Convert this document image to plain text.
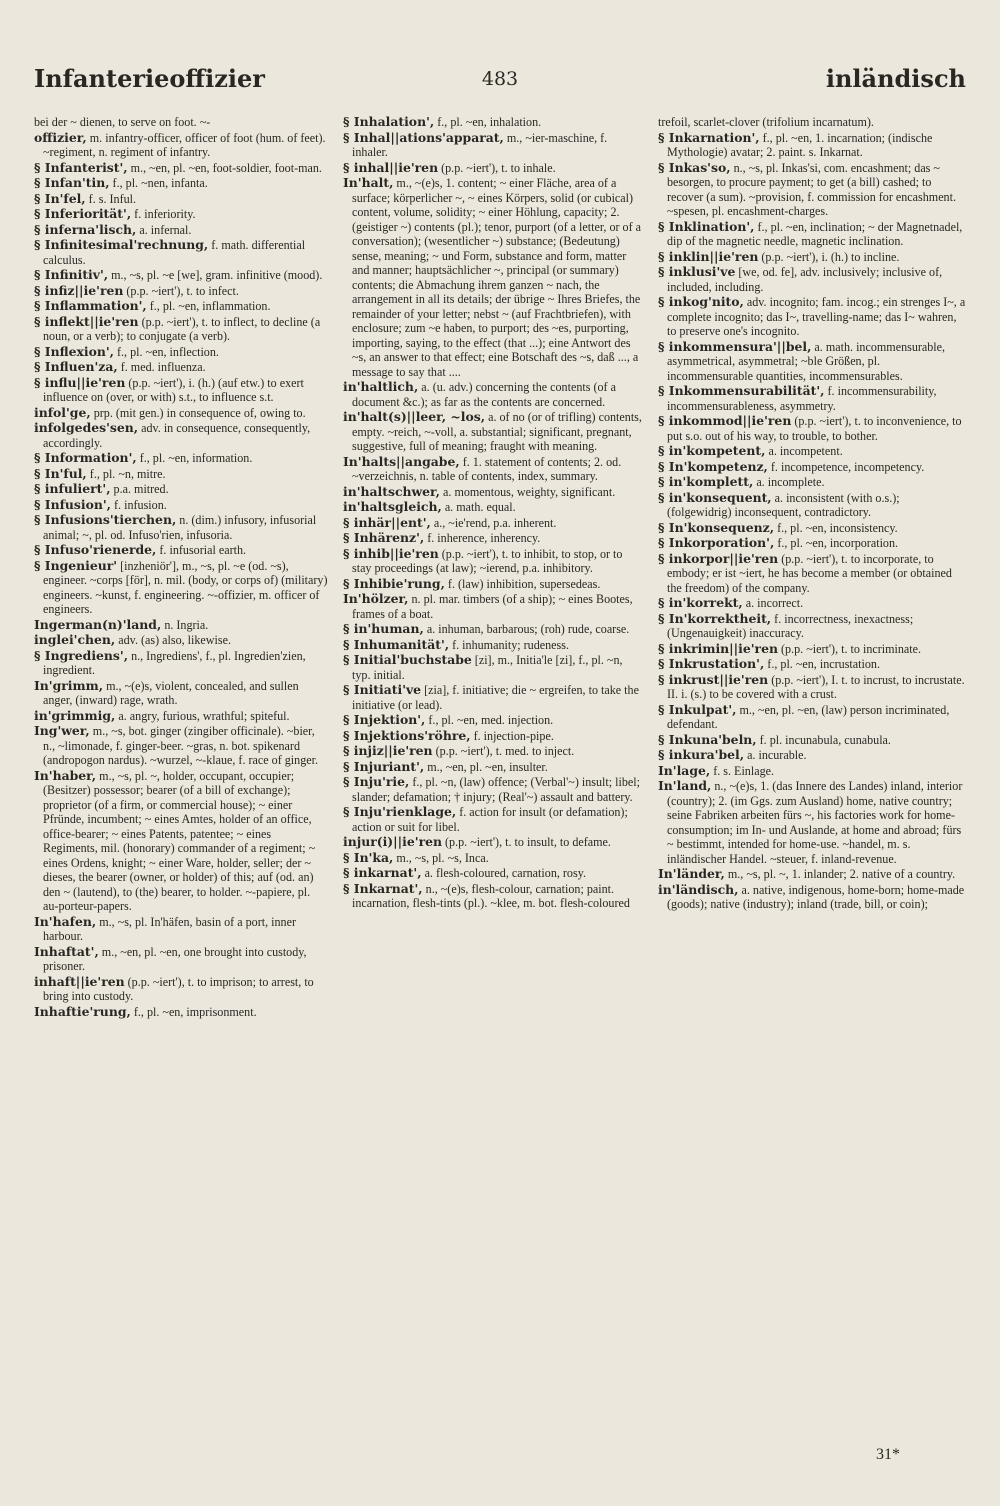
Infanterieoffizier	483	inländisch
bei der ~ dienen, to serve on foot. ~-
offizier, m. infantry-officer, officer of foot (hum. of feet). ~regiment, n. regiment of infantry.
§ Infanterist', m., ~en, pl. ~en, foot-soldier, foot-man.
§ Infan'tin, f., pl. ~nen, infanta.
§ In'fel, f. s. Inful.
§ Inferiorität', f. inferiority.
§ inferna'lisch, a. infernal.
§ Infinitesimal'rechnung, f. math. differential calculus.
§ Infinitiv', m., ~s, pl. ~e [we], gram. infinitive (mood).
§ infiz||ie'ren (p.p. ~iert'), t. to infect.
§ Inflammation', f., pl. ~en, inflammation.
§ inflekt||ie'ren (p.p. ~iert'), t. to inflect, to decline (a noun, or a verb); to conjugate (a verb).
§ Inflexion', f., pl. ~en, inflection.
§ Influen'za, f. med. influenza.
§ influ||ie'ren (p.p. ~iert'), i. (h.) (auf etw.) to exert influence on (over, or with) s.t., to influence s.t.
infol'ge, prp. (mit gen.) in consequence of, owing to.
infolgedes'sen, adv. in consequence, consequently, accordingly.
§ Information', f., pl. ~en, information.
§ In'ful, f., pl. ~n, mitre.
§ infuliert', p.a. mitred.
§ Infusion', f. infusion.
§ Infusions'tierchen, n. (dim.) infusory, infusorial animal; ~, pl. od. Infuso'rien, infusoria.
§ Infuso'rienerde, f. infusorial earth.
§ Ingenieur' [inzheniör'], m., ~s, pl. ~e (od. ~s), engineer. ~corps [för], n. mil. (body, or corps of) (military) engineers. ~kunst, f. engineering. ~-offizier, m. officer of engineers.
Ingerman(n)'land, n. Ingria.
inglei'chen, adv. (as) also, likewise.
§ Ingrediens', n., Ingrediens', f., pl. Ingredien'zien, ingredient.
In'grimm, m., ~(e)s, violent, concealed, and sullen anger, (inward) rage, wrath.
in'grimmig, a. angry, furious, wrathful; spiteful.
Ing'wer, m., ~s, bot. ginger (zingiber officinale). ~bier, n., ~limonade, f. ginger-beer. ~gras, n. bot. spikenard (andropogon nardus). ~wurzel, ~-klaue, f. race of ginger.
In'haber, m., ~s, pl. ~, holder, occupant, occupier; (Besitzer) possessor; bearer (of a bill of exchange); proprietor (of a firm, or commercial house); ~ einer Pfründe, incumbent; ~ eines Amtes, holder of an office, office-bearer; ~ eines Patents, patentee; ~ eines Regiments, mil. (honorary) commander of a regiment; ~ eines Ordens, knight; ~ einer Ware, holder, seller; der ~ dieses, the bearer (owner, or holder) of this; auf (od. an) den ~ (lautend), to (the) bearer, to holder. ~-papiere, pl. au-porteur-papers.
In'hafen, m., ~s, pl. In'häfen, basin of a port, inner harbour.
Inhaftat', m., ~en, pl. ~en, one brought into custody, prisoner.
inhaft||ie'ren (p.p. ~iert'), t. to imprison; to arrest, to bring into custody.
Inhaftie'rung, f., pl. ~en, imprisonment.
§ Inhalation', f., pl. ~en, inhalation.
§ Inhal||ations'apparat, m., ~ier-maschine, f. inhaler.
§ inhal||ie'ren (p.p. ~iert'), t. to inhale.
In'halt, m., ~(e)s, 1. content; ~ einer Fläche, area of a surface; körperlicher ~, ~ eines Körpers, solid (or cubical) content, volume, solidity; ~ einer Höhlung, capacity; 2. (geistiger ~) contents (pl.); tenor, purport (of a letter, or of a conversation); (wesentlicher ~) substance; (Bedeutung) sense, meaning; ~ und Form, substance and form, matter and manner; hauptsächlicher ~, principal (or summary) contents; die Abmachung ihrem ganzen ~ nach, the arrangement in all its details; der übrige ~ Ihres Briefes, the remainder of your letter; nebst ~ (auf Frachtbriefen), with enclosure; zum ~e haben, to purport; des ~es, purporting, importing, saying, to the effect (that ...); eine Antwort des ~s, an answer to that effect; eine Botschaft des ~s, daß ..., a message to say that ....
in'haltlich, a. (u. adv.) concerning the contents (of a document &c.); as far as the contents are concerned.
in'halt(s)||leer, ~los, a. of no (or of trifling) contents, empty. ~reich, ~-voll, a. substantial; significant, pregnant, suggestive, full of meaning; fraught with meaning.
In'halts||angabe, f. 1. statement of contents; 2. od. ~verzeichnis, n. table of contents, index, summary.
in'haltschwer, a. momentous, weighty, significant.
in'haltsgleich, a. math. equal.
§ inhär||ent', a., ~ie'rend, p.a. inherent.
§ Inhärenz', f. inherence, inherency.
§ inhib||ie'ren (p.p. ~iert'), t. to inhibit, to stop, or to stay proceedings (at law); ~ierend, p.a. inhibitory.
§ Inhibie'rung, f. (law) inhibition, supersedeas.
In'hölzer, n. pl. mar. timbers (of a ship); ~ eines Bootes, frames of a boat.
§ in'human, a. inhuman, barbarous; (roh) rude, coarse.
§ Inhumanität', f. inhumanity; rudeness.
§ Initial'buchstabe [zi], m., Initia'le [zi], f., pl. ~n, typ. initial.
§ Initiati've [zia], f. initiative; die ~ ergreifen, to take the initiative (or lead).
§ Injektion', f., pl. ~en, med. injection.
§ Injektions'röhre, f. injection-pipe.
§ injiz||ie'ren (p.p. ~iert'), t. med. to inject.
§ Injuriant', m., ~en, pl. ~en, insulter.
§ Inju'rie, f., pl. ~n, (law) offence; (Verbal'~) insult; libel; slander; defamation; † injury; (Real'~) assault and battery.
§ Inju'rienklage, f. action for insult (or defamation); action or suit for libel.
injur(i)||ie'ren (p.p. ~iert'), t. to insult, to defame.
§ In'ka, m., ~s, pl. ~s, Inca.
§ inkarnat', a. flesh-coloured, carnation, rosy.
§ Inkarnat', n., ~(e)s, flesh-colour, carnation; paint. incarnation, flesh-tints (pl.). ~klee, m. bot. flesh-coloured
trefoil, scarlet-clover (trifolium incarnatum).
§ Inkarnation', f., pl. ~en, 1. incarnation; (indische Mythologie) avatar; 2. paint. s. Inkarnat.
§ Inkas'so, n., ~s, pl. Inkas'si, com. encashment; das ~ besorgen, to procure payment; to get (a bill) cashed; to recover (a sum). ~provision, f. commission for encashment. ~spesen, pl. encashment-charges.
§ Inklination', f., pl. ~en, inclination; ~ der Magnetnadel, dip of the magnetic needle, magnetic inclination.
§ inklin||ie'ren (p.p. ~iert'), i. (h.) to incline.
§ inklusi've [we, od. fe], adv. inclusively; inclusive of, included, including.
§ inkog'nito, adv. incognito; fam. incog.; ein strenges I~, a complete incognito; das I~, travelling-name; das I~ wahren, to preserve one's incognito.
§ inkommensura'||bel, a. math. incommensurable, asymmetrical, asymmetral; ~ble Größen, pl. incommensurable quantities, incommensurables.
§ Inkommensurabilität', f. incommensurability, incommensurableness, asymmetry.
§ inkommod||ie'ren (p.p. ~iert'), t. to inconvenience, to put s.o. out of his way, to trouble, to bother.
§ in'kompetent, a. incompetent.
§ In'kompetenz, f. incompetence, incompetency.
§ in'komplett, a. incomplete.
§ in'konsequent, a. inconsistent (with o.s.); (folgewidrig) inconsequent, contradictory.
§ In'konsequenz, f., pl. ~en, inconsistency.
§ Inkorporation', f., pl. ~en, incorporation.
§ inkorpor||ie'ren (p.p. ~iert'), t. to incorporate, to embody; er ist ~iert, he has become a member (or obtained the freedom) of the company.
§ in'korrekt, a. incorrect.
§ In'korrektheit, f. incorrectness, inexactness; (Ungenauigkeit) inaccuracy.
§ inkrimin||ie'ren (p.p. ~iert'), t. to incriminate.
§ Inkrustation', f., pl. ~en, incrustation.
§ inkrust||ie'ren (p.p. ~iert'), I. t. to incrust, to incrustate. II. i. (s.) to be covered with a crust.
§ Inkulpat', m., ~en, pl. ~en, (law) person incriminated, defendant.
§ Inkuna'beln, f. pl. incunabula, cunabula.
§ inkura'bel, a. incurable.
In'lage, f. s. Einlage.
In'land, n., ~(e)s, 1. (das Innere des Landes) inland, interior (country); 2. (im Ggs. zum Ausland) home, native country; seine Fabriken arbeiten fürs ~, his factories work for home-consumption; im In- und Auslande, at home and abroad; fürs ~ bestimmt, intended for home-use. ~handel, m. s. inländischer Handel. ~steuer, f. inland-revenue.
In'länder, m., ~s, pl. ~, 1. inlander; 2. native of a country.
in'ländisch, a. native, indigenous, home-born; home-made (goods); native (industry); inland (trade, bill, or coin);
31*
